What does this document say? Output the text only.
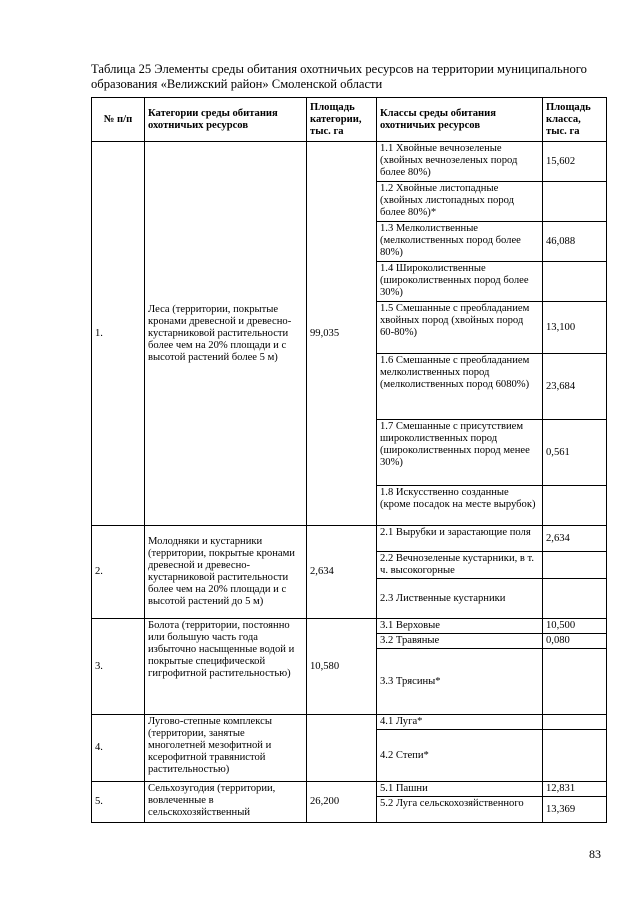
Таблица 25 Элементы среды обитания охотничьих ресурсов на территории муниципального
образования «Велижский район» Смоленской области
№ п/п	Категории среды обитания охотничьих ресурсов	Площадь категории, тыс. га	Классы среды обитания охотничьих ресурсов	Площадь класса, тыс. га
1.	Леса (территории, покрытые кронами древесной и древесно-кустарниковой растительности более чем на 20% площади и с высотой растений более 5 м)	99,035	1.1 Хвойные вечнозеленые (хвойных вечнозеленых пород более 80%)	15,602
			1.2 Хвойные листопадные (хвойных листопадных пород более 80%)*	
			1.3 Мелколиственные (мелколиственных пород более 80%)	46,088
			1.4 Широколиственные (широколиственных пород более 30%)	
			1.5 Смешанные с преобладанием хвойных пород (хвойных пород 60-80%)	13,100
			1.6 Смешанные с преобладанием мелколиственных пород (мелколиственных пород 6080%)	23,684
			1.7 Смешанные с присутствием широколиственных пород (широколиственных пород менее 30%)	0,561
			1.8 Искусственно созданные (кроме посадок на месте вырубок)	
2.	Молодняки и кустарники (территории, покрытые кронами древесной и древесно-кустарниковой растительности более чем на 20% площади и с высотой растений до 5 м)	2,634	2.1 Вырубки и зарастающие поля	2,634
			2.2 Вечнозеленые кустарники, в т. ч. высокогорные	
			2.3 Лиственные кустарники	
3.	Болота (территории, постоянно или большую часть года избыточно насыщенные водой и покрытые специфической гигрофитной растительностью)	10,580	3.1 Верховые	10,500
			3.2 Травяные	0,080
			3.3 Трясины*	
4.	Лугово-степные комплексы (территории, занятые многолетней мезофитной и ксерофитной травянистой растительностью)		4.1 Луга*	
			4.2 Степи*	
5.	Сельхозугодия (территории, вовлеченные в сельскохозяйственный	26,200	5.1 Пашни	12,831
			5.2 Луга сельскохозяйственного	13,369
83
